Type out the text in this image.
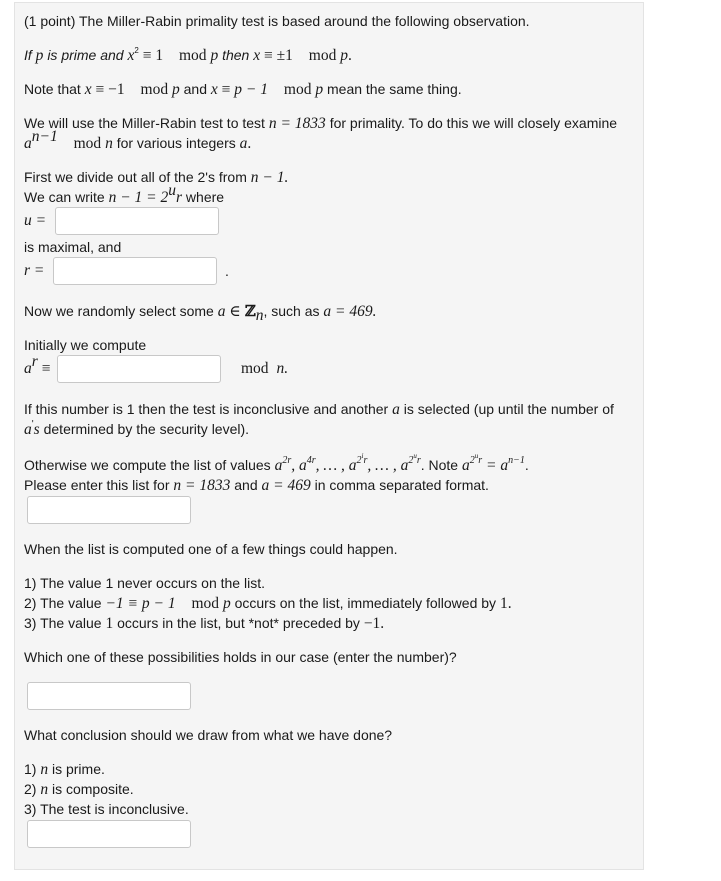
(1 point) The Miller-Rabin primality test is based around the following observation.
If p is prime and $x^2 \equiv 1$ mod p then x ≡ ±1 mod p.
Note that x ≡ −1 mod p and x ≡ p − 1 mod p mean the same thing.
We will use the Miller-Rabin test to test n = 1833 for primality. To do this we will closely examine
$a^{n-1}$ mod n for various integers a.
First we divide out all of the 2's from n − 1.
We can write $n - 1 = 2^ur$ where
u =
is maximal, and
r =	.
Now we randomly select some a ∈ ℤ$_n$, such as a = 469.
Initially we compute
$a^r$ ≡	mod n.
If this number is 1 then the test is inconclusive and another a is selected (up until the number of
a's determined by the security level).
Otherwise we compute the list of values $a^{2r}$, $a^{4r}$, … , $a^{2^ir}$, … , $a^{2^ur}$. Note $a^{2^ur} = a^{n-1}$.
Please enter this list for n = 1833 and a = 469 in comma separated format.
When the list is computed one of a few things could happen.
1) The value 1 never occurs on the list.
2) The value −1 ≡ p − 1 mod p occurs on the list, immediately followed by 1.
3) The value 1 occurs in the list, but *not* preceded by −1.
Which one of these possibilities holds in our case (enter the number)?
What conclusion should we draw from what we have done?
1) n is prime.
2) n is composite.
3) The test is inconclusive.
